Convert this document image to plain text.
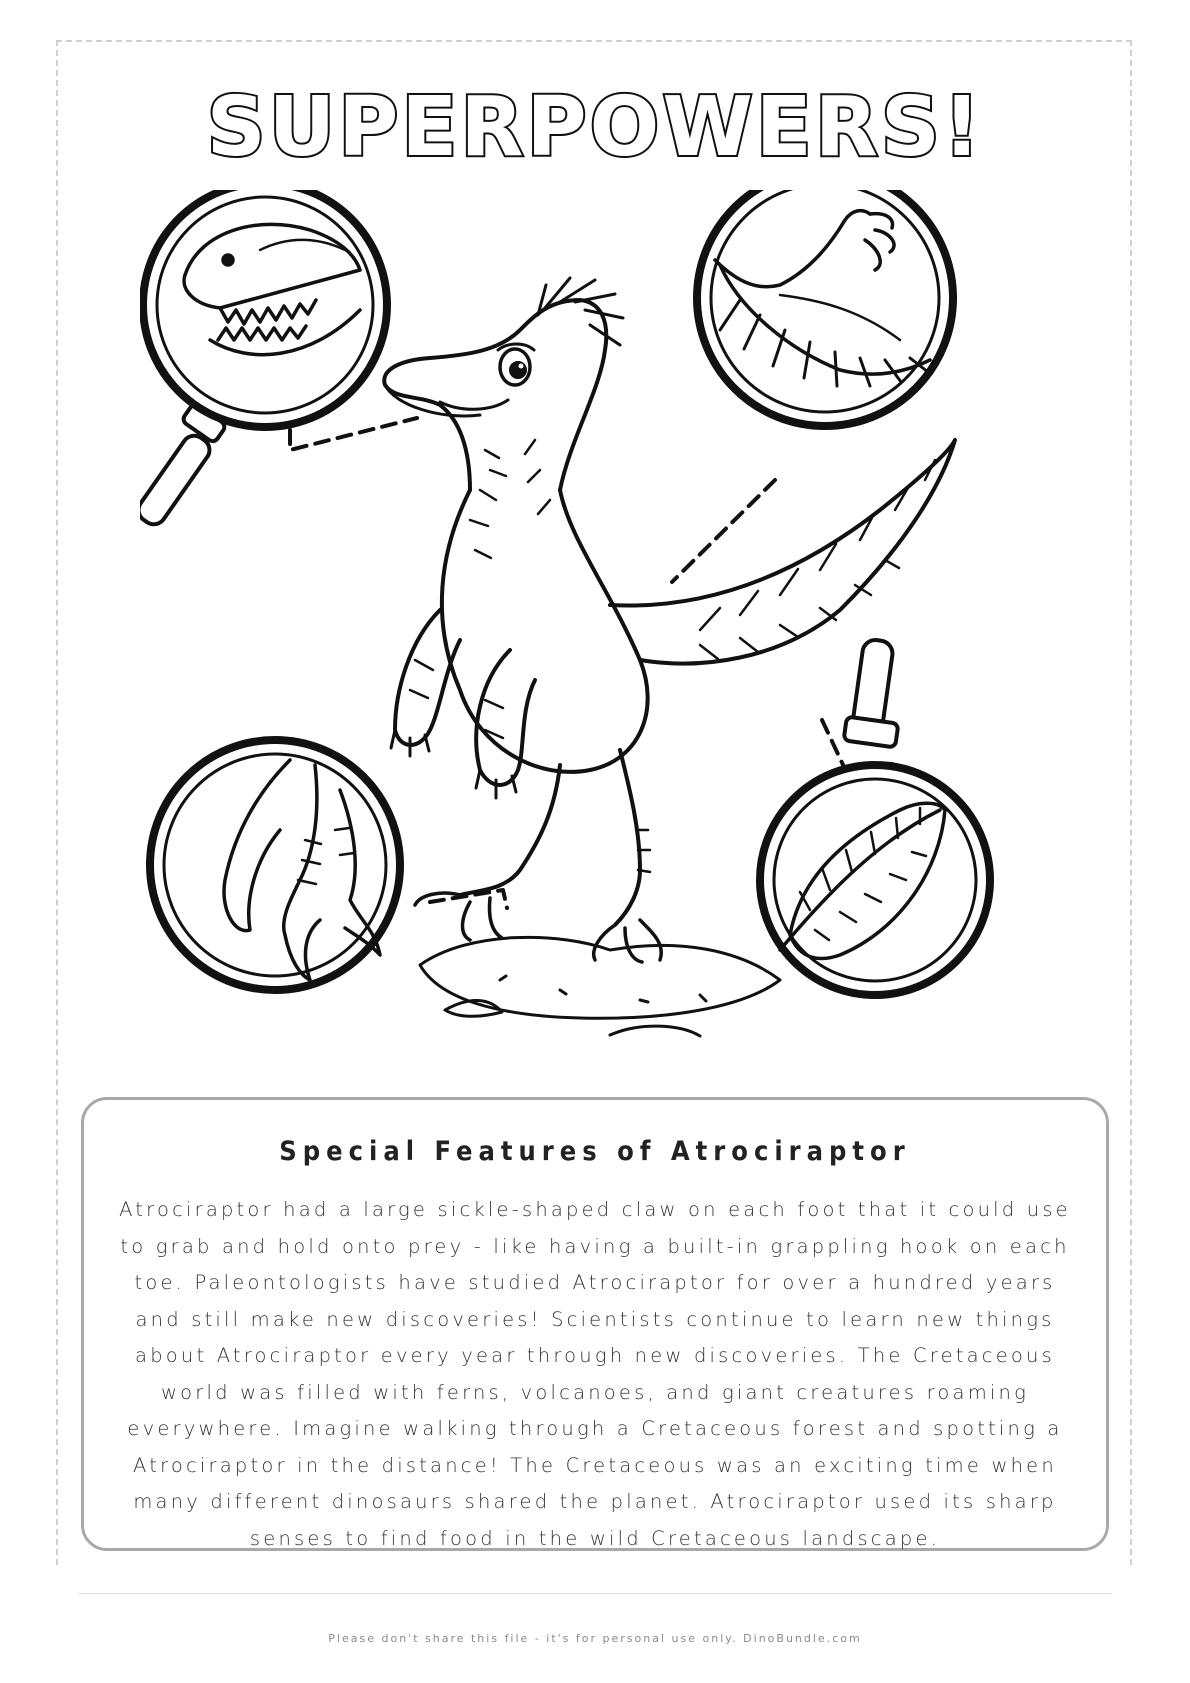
SUPERPOWERS!
Special Features of Atrociraptor
Atrociraptor had a large sickle-shaped claw on each foot that it could use to grab and hold onto prey - like having a built-in grappling hook on each toe. Paleontologists have studied Atrociraptor for over a hundred years and still make new discoveries! Scientists continue to learn new things about Atrociraptor every year through new discoveries. The Cretaceous world was filled with ferns, volcanoes, and giant creatures roaming everywhere. Imagine walking through a Cretaceous forest and spotting a Atrociraptor in the distance! The Cretaceous was an exciting time when many different dinosaurs shared the planet. Atrociraptor used its sharp senses to find food in the wild Cretaceous landscape.
Please don't share this file - it's for personal use only. DinoBundle.com
